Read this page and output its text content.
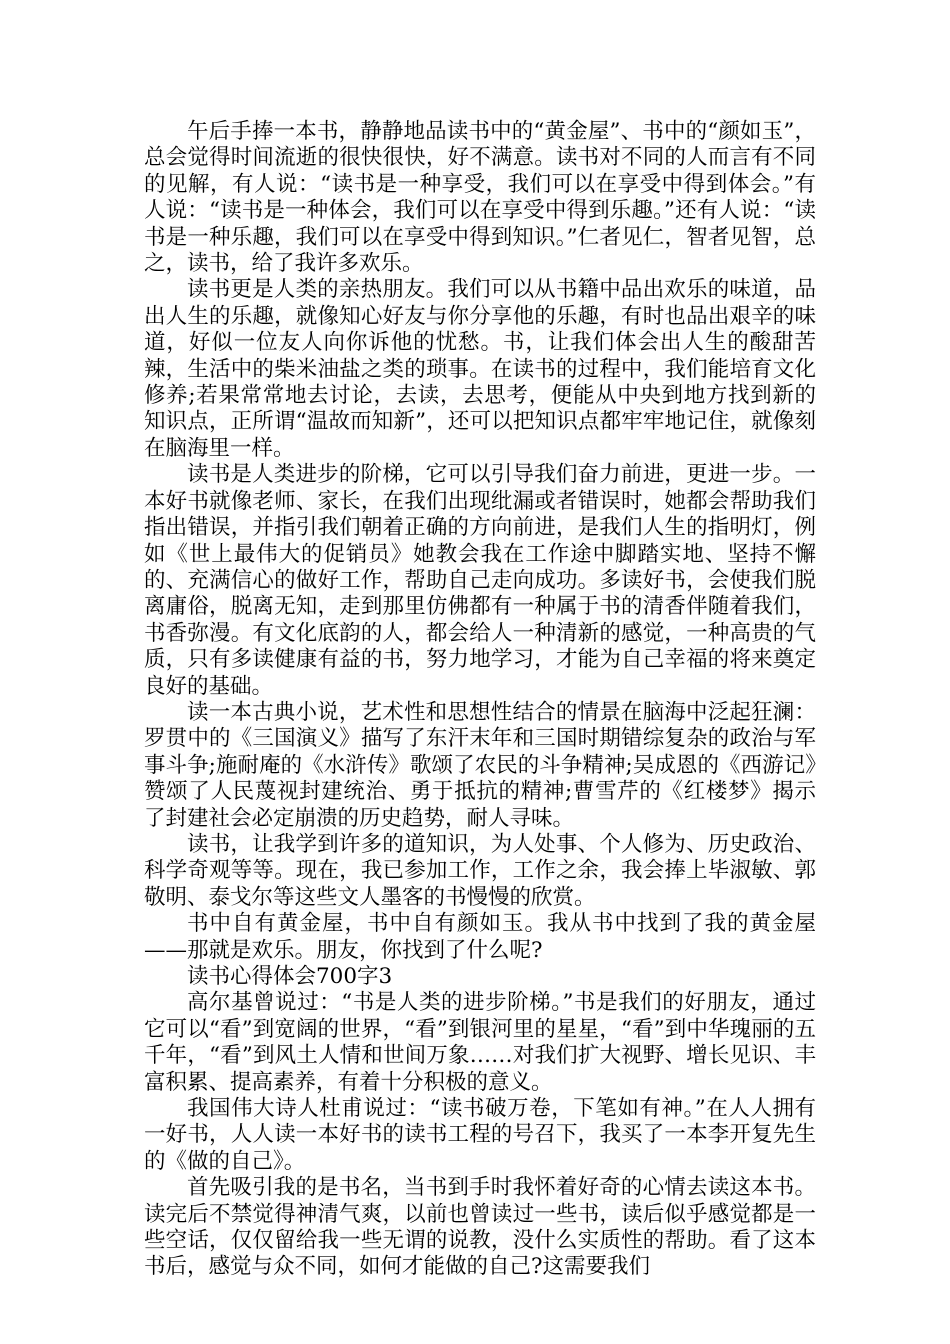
午后手捧一本书，静静地品读书中的“黄金屋”、书中的“颜如玉”，总会觉得时间流逝的很快很快，好不满意。读书对不同的人而言有不同的见解，有人说：“读书是一种享受，我们可以在享受中得到体会。”有人说：“读书是一种体会，我们可以在享受中得到乐趣。”还有人说：“读书是一种乐趣，我们可以在享受中得到知识。”仁者见仁，智者见智，总之，读书，给了我许多欢乐。

读书更是人类的亲热朋友。我们可以从书籍中品出欢乐的味道，品出人生的乐趣，就像知心好友与你分享他的乐趣，有时也品出艰辛的味道，好似一位友人向你诉他的忧愁。书，让我们体会出人生的酸甜苦辣，生活中的柴米油盐之类的琐事。在读书的过程中，我们能培育文化修养;若果常常地去讨论，去读，去思考，便能从中央到地方找到新的知识点，正所谓“温故而知新”，还可以把知识点都牢牢地记住，就像刻在脑海里一样。

读书是人类进步的阶梯，它可以引导我们奋力前进，更进一步。一本好书就像老师、家长，在我们出现纰漏或者错误时，她都会帮助我们指出错误，并指引我们朝着正确的方向前进，是我们人生的指明灯，例如《世上最伟大的促销员》她教会我在工作途中脚踏实地、坚持不懈的、充满信心的做好工作，帮助自己走向成功。多读好书，会使我们脱离庸俗，脱离无知，走到那里仿佛都有一种属于书的清香伴随着我们，书香弥漫。有文化底韵的人，都会给人一种清新的感觉，一种高贵的气质，只有多读健康有益的书，努力地学习，才能为自己幸福的将来奠定良好的基础。

读一本古典小说，艺术性和思想性结合的情景在脑海中泛起狂澜：罗贯中的《三国演义》描写了东汗末年和三国时期错综复杂的政治与军事斗争;施耐庵的《水浒传》歌颂了农民的斗争精神;吴成恩的《西游记》赞颂了人民蔑视封建统治、勇于抵抗的精神;曹雪芹的《红楼梦》揭示了封建社会必定崩溃的历史趋势，耐人寻味。

读书，让我学到许多的道知识，为人处事、个人修为、历史政治、科学奇观等等。现在，我已参加工作，工作之余，我会捧上毕淑敏、郭敬明、泰戈尔等这些文人墨客的书慢慢的欣赏。

书中自有黄金屋，书中自有颜如玉。我从书中找到了我的黄金屋——那就是欢乐。朋友，你找到了什么呢?

读书心得体会700字3

高尔基曾说过：“书是人类的进步阶梯。”书是我们的好朋友，通过它可以“看”到宽阔的世界，“看”到银河里的星星，“看”到中华瑰丽的五千年，“看”到风土人情和世间万象……对我们扩大视野、增长见识、丰富积累、提高素养，有着十分积极的意义。

我国伟大诗人杜甫说过：“读书破万卷，下笔如有神。”在人人拥有一好书，人人读一本好书的读书工程的号召下，我买了一本李开复先生的《做的自己》。

首先吸引我的是书名，当书到手时我怀着好奇的心情去读这本书。读完后不禁觉得神清气爽，以前也曾读过一些书，读后似乎感觉都是一些空话，仅仅留给我一些无谓的说教，没什么实质性的帮助。看了这本书后，感觉与众不同，如何才能做的自己?这需要我们
